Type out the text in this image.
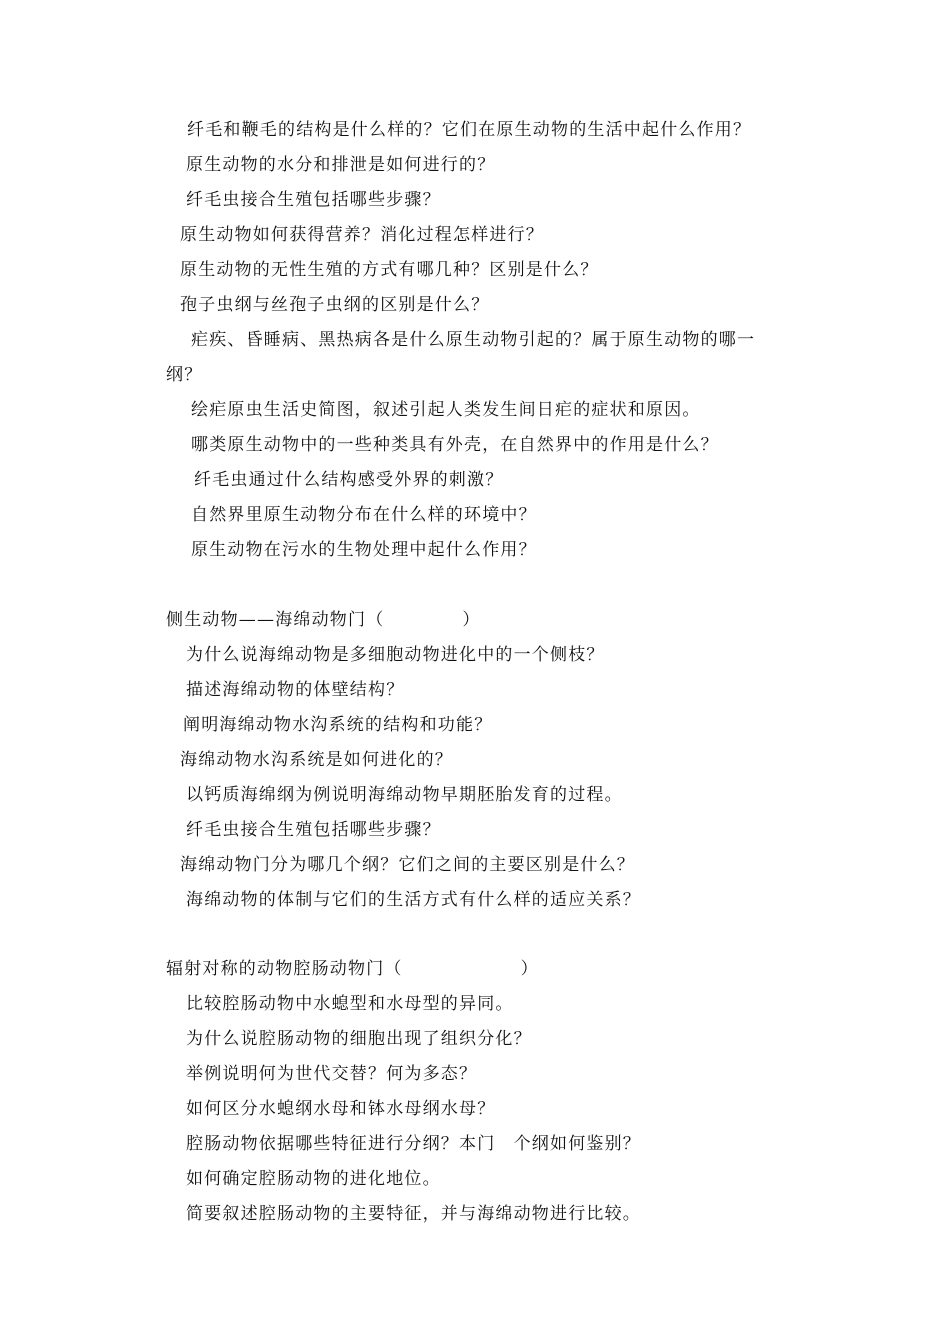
纤毛和鞭毛的结构是什么样的？它们在原生动物的生活中起什么作用？
原生动物的水分和排泄是如何进行的？
纤毛虫接合生殖包括哪些步骤？
原生动物如何获得营养？消化过程怎样进行？
原生动物的无性生殖的方式有哪几种？区别是什么？
孢子虫纲与丝孢子虫纲的区别是什么？
疟疾、昏睡病、黑热病各是什么原生动物引起的？属于原生动物的哪一
纲？
绘疟原虫生活史简图，叙述引起人类发生间日疟的症状和原因。
哪类原生动物中的一些种类具有外壳，在自然界中的作用是什么？
纤毛虫通过什么结构感受外界的刺激？
自然界里原生动物分布在什么样的环境中？
原生动物在污水的生物处理中起什么作用？
侧生动物——海绵动物门（	）
为什么说海绵动物是多细胞动物进化中的一个侧枝？
描述海绵动物的体壁结构？
阐明海绵动物水沟系统的结构和功能？
海绵动物水沟系统是如何进化的？
以钙质海绵纲为例说明海绵动物早期胚胎发育的过程。
纤毛虫接合生殖包括哪些步骤？
海绵动物门分为哪几个纲？它们之间的主要区别是什么？
海绵动物的体制与它们的生活方式有什么样的适应关系？
辐射对称的动物腔肠动物门（	）
比较腔肠动物中水螅型和水母型的异同。
为什么说腔肠动物的细胞出现了组织分化？
举例说明何为世代交替？何为多态？
如何区分水螅纲水母和钵水母纲水母？
腔肠动物依据哪些特征进行分纲？本门　个纲如何鉴别？
如何确定腔肠动物的进化地位。
简要叙述腔肠动物的主要特征，并与海绵动物进行比较。
